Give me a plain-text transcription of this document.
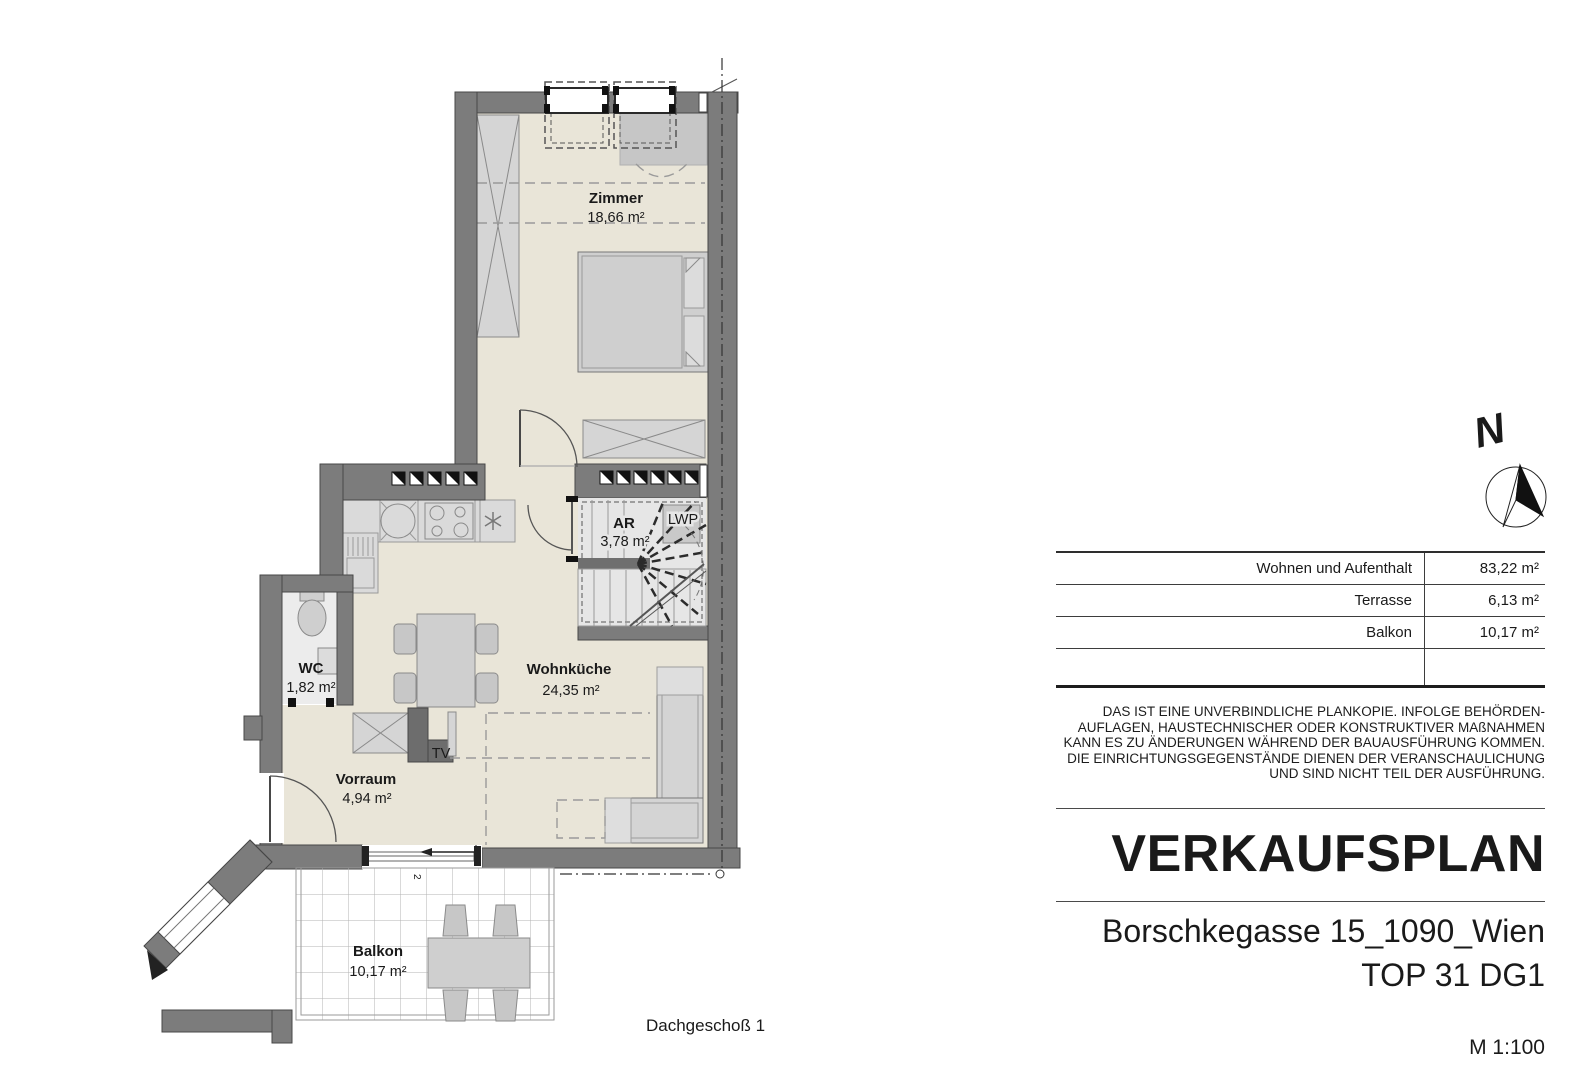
N
Zimmer
18,66 m²
AR
3,78 m²
LWP
WC
1,82 m²
Wohnküche
24,35 m²
Vorraum
4,94 m²
Balkon
10,17 m²
TV
2
Wohnen und Aufenthalt	83,22 m²
Terrasse	6,13 m²
Balkon	10,17 m²
DAS IST EINE UNVERBINDLICHE PLANKOPIE. INFOLGE BEHÖRDEN-
AUFLAGEN, HAUSTECHNISCHER ODER KONSTRUKTIVER MAßNAHMEN
KANN ES ZU ÄNDERUNGEN WÄHREND DER BAUAUSFÜHRUNG KOMMEN.
DIE EINRICHTUNGSGEGENSTÄNDE DIENEN DER VERANSCHAULICHUNG
UND SIND NICHT TEIL DER AUSFÜHRUNG.
VERKAUFSPLAN
Borschkegasse 15_1090_Wien
TOP 31 DG1
M 1:100
Dachgeschoß 1
